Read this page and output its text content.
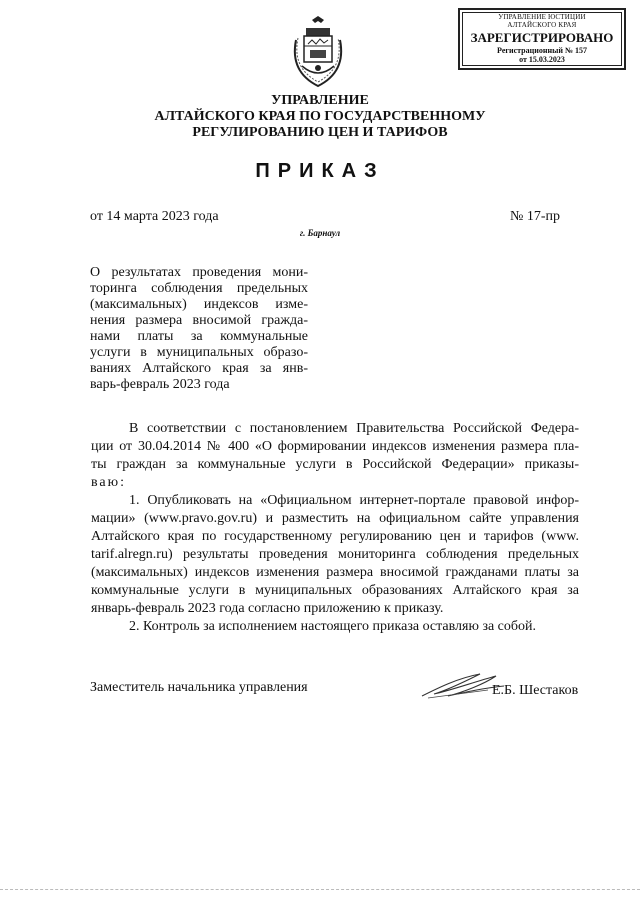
УПРАВЛЕНИЕ ЮСТИЦИИ
АЛТАЙСКОГО КРАЯ
ЗАРЕГИСТРИРОВАНО
Регистрационный № 157
от 15.03.2023
УПРАВЛЕНИЕ
АЛТАЙСКОГО КРАЯ ПО ГОСУДАРСТВЕННОМУ
РЕГУЛИРОВАНИЮ ЦЕН И ТАРИФОВ
ПРИКАЗ
от 14 марта 2023 года	№ 17-пр
г. Барнаул
О результатах проведения мони-
торинга соблюдения предельных
(максимальных) индексов изме-
нения размера вносимой гражда-
нами платы за коммунальные
услуги в муниципальных образо-
ваниях Алтайского края за янв-
варь-февраль 2023 года
В соответствии с постановлением Правительства Российской Федера-
ции от 30.04.2014 № 400 «О формировании индексов изменения размера пла-
ты граждан за коммунальные услуги в Российской Федерации» приказы-
ваю:
1. Опубликовать на «Официальном интернет-портале правовой инфор-
мации» (www.pravo.gov.ru) и разместить на официальном сайте управления
Алтайского края по государственному регулированию цен и тарифов (www.
tarif.alregn.ru) результаты проведения мониторинга соблюдения предельных
(максимальных) индексов изменения размера вносимой гражданами платы за
коммунальные услуги в муниципальных образованиях Алтайского края за
январь-февраль 2023 года согласно приложению к приказу.
2. Контроль за исполнением настоящего приказа оставляю за собой.
Заместитель начальника управления	Е.Б. Шестаков
